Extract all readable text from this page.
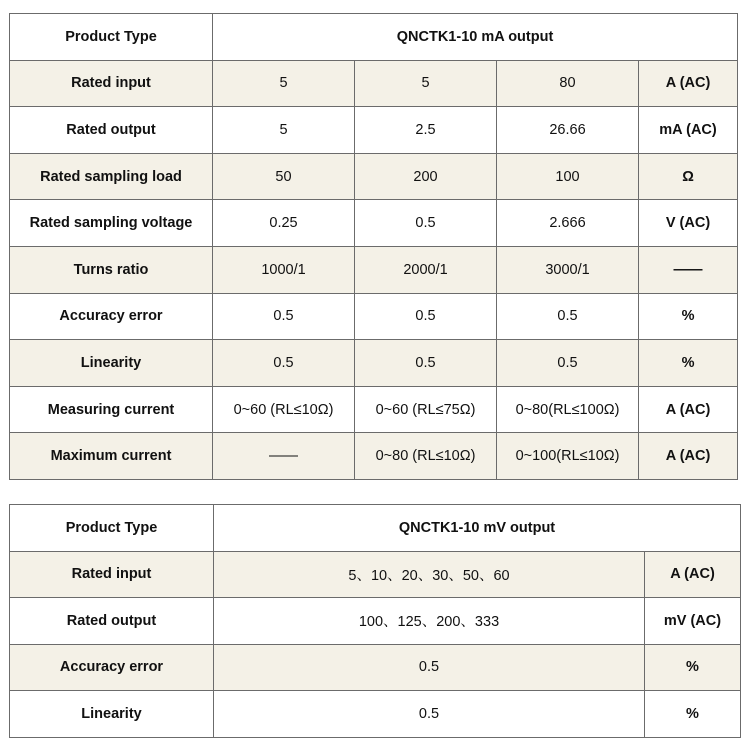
Product Type	QNCTK1-10 mA output			
Rated input	5	5	80	A (AC)
Rated output	5	2.5	26.66	mA (AC)
Rated sampling load	50	200	100	Ω
Rated sampling voltage	0.25	0.5	2.666	V (AC)
Turns ratio	1000/1	2000/1	3000/1	——
Accuracy error	0.5	0.5	0.5	%
Linearity	0.5	0.5	0.5	%
Measuring current	0~60 (RL≤10Ω)	0~60 (RL≤75Ω)	0~80(RL≤100Ω)	A (AC)
Maximum current	——	0~80 (RL≤10Ω)	0~100(RL≤10Ω)	A (AC)
Product Type	QNCTK1-10 mV output	
Rated input	5、10、20、30、50、60	A (AC)
Rated output	100、125、200、333	mV (AC)
Accuracy error	0.5	%
Linearity	0.5	%
